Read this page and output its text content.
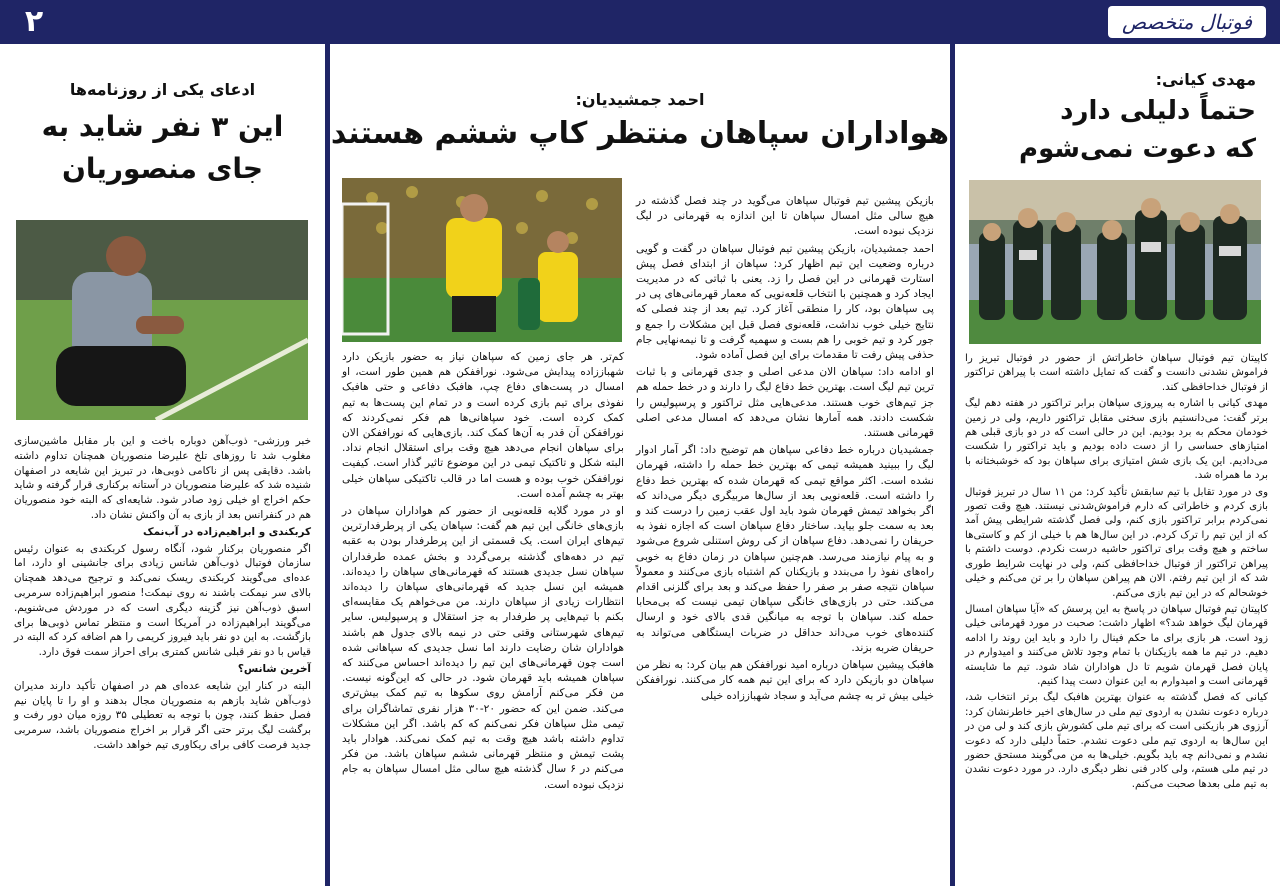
۲	فوتبال متخصص
مهدی کیانی:
حتماً دلیلی دارد
که دعوت نمی‌شوم

کاپیتان تیم فوتبال سپاهان خاطراتش از حضور در فوتبال تبریز را فراموش نشدنی دانست و گفت که تمایل داشته است با پیراهن تراکتور از فوتبال خداحافظی کند.

مهدی کیانی با اشاره به پیروزی سپاهان برابر تراکتور در هفته دهم لیگ برتر گفت: می‌دانستیم بازی سختی مقابل تراکتور داریم، ولی در زمین خودمان محکم به برد بودیم. این در حالی است که در دو بازی قبلی هم امتیازهای حساسی را از دست داده بودیم و باید تراکتور را شکست می‌دادیم. این یک بازی شش امتیازی برای سپاهان بود که خوشبختانه با برد ما همراه شد.

وی در مورد تقابل با تیم سابقش تأکید کرد: من ۱۱ سال در تبریز فوتبال بازی کردم و خاطراتی که دارم فراموش‌شدنی نیستند. هیچ وقت تصور نمی‌کردم برابر تراکتور بازی کنم، ولی فصل گذشته شرایطی پیش آمد که از این تیم را ترک کردم. در این سال‌ها هم با خیلی از کم و کاستی‌ها ساختم و هیچ وقت برای تراکتور حاشیه درست نکردم. دوست داشتم با پیراهن تراکتور از فوتبال خداحافظی کنم، ولی در نهایت شرایط طوری شد که از این تیم رفتم. الان هم پیراهن سپاهان را بر تن می‌کنم و خیلی خوشحالم که در این تیم بازی می‌کنم.

کاپیتان تیم فوتبال سپاهان در پاسخ به این پرسش که «آیا سپاهان امسال قهرمان لیگ خواهد شد؟» اظهار داشت: صحبت در مورد قهرمانی خیلی زود است. هر بازی برای ما حکم فینال را دارد و باید این روند را ادامه دهیم. در تیم ما همه بازیکنان با تمام وجود تلاش می‌کنند و امیدوارم در پایان فصل قهرمان شویم تا دل هواداران شاد شود. تیم ما شایسته قهرمانی است و امیدوارم به این عنوان دست پیدا کنیم.

کیانی که فصل گذشته به عنوان بهترین هافبک لیگ برتر انتخاب شد، درباره دعوت نشدن به اردوی تیم ملی در سال‌های اخیر خاطرنشان کرد: آرزوی هر بازیکنی است که برای تیم ملی کشورش بازی کند و لی من در این سال‌ها به اردوی تیم ملی دعوت نشدم. حتماً دلیلی دارد که دعوت نشدم و نمی‌دانم چه باید بگویم. خیلی‌ها به من می‌گویند مستحق حضور در تیم ملی هستم، ولی کادر فنی نظر دیگری دارد. در مورد دعوت نشدن به تیم ملی بعدها صحبت می‌کنم.

احمد جمشیدیان:
هواداران سپاهان منتظر کاپ ششم هستند

بازیکن پیشین تیم فوتبال سپاهان می‌گوید در چند فصل گذشته در هیچ سالی مثل امسال سپاهان تا این اندازه به قهرمانی در لیگ نزدیک نبوده است.

احمد جمشیدیان، بازیکن پیشین تیم فوتبال سپاهان در گفت و گویی درباره وضعیت این تیم اظهار کرد: سپاهان از ابتدای فصل پیش استارت قهرمانی در این فصل را زد. یعنی با ثباتی که در مدیریت ایجاد کرد و همچنین با انتخاب قلعه‌نویی که معمار قهرمانی‌های پی در پی سپاهان بود، کار را منطقی آغاز کرد. تیم بعد از چند فصلی که نتایج خیلی خوب نداشت، قلعه‌نوی فصل قبل این مشکلات را جمع و جور کرد و تیم خوبی را هم بست و سهمیه گرفت و تا نیمه‌نهایی جام حذفی پیش رفت تا مقدمات برای این فصل آماده شود.

او ادامه داد: سپاهان الان مدعی اصلی و جدی قهرمانی و با ثبات ترین تیم لیگ است. بهترین خط دفاع لیگ را دارند و در خط حمله هم جز تیم‌های خوب هستند. مدعی‌هایی مثل تراکتور و پرسپولیس را شکست دادند. همه آمارها نشان می‌دهد که امسال مدعی اصلی قهرمانی هستند.

جمشیدیان درباره خط دفاعی سپاهان هم توضیح داد: اگر آمار ادوار لیگ را ببینید همیشه تیمی که بهترین خط حمله را داشته، قهرمان نشده است. اکثر مواقع تیمی که قهرمان شده که بهترین خط دفاع را داشته است. قلعه‌نویی بعد از سال‌ها مربیگری دیگر می‌داند که اگر بخواهد تیمش قهرمان شود باید اول عقب زمین را درست کند و بعد به سمت جلو بیاید. ساختار دفاع سپاهان است که اجازه نفوذ به حریفان را نمی‌دهد. دفاع سپاهان از کی روش استنلی شروع می‌شود و به پیام نیازمند می‌رسد. هم‌چنین سپاهان در زمان دفاع به خوبی راه‌های نفوذ را می‌بندد و بازیکنان کم اشتباه بازی می‌کنند و معمولاً سپاهان نتیجه صفر بر صفر را حفظ می‌کند و بعد برای گلزنی اقدام می‌کند. حتی در بازی‌های خانگی سپاهان تیمی نیست که بی‌محابا حمله کند. سپاهان با توجه به میانگین قدی بالای خود و ارسال کننده‌های خوب می‌داند حداقل در ضربات ایستگاهی می‌تواند به حریفان ضربه بزند.

هافبک پیشین سپاهان درباره امید نوراففکن هم بیان کرد: به نظر من سپاهان دو بازیکن دارد که برای این تیم همه کار می‌کنند. نوراففکن خیلی بیش تر به چشم می‌آید و سجاد شهباززاده خیلی

کم‌تر. هر جای زمین که سپاهان نیاز به حضور بازیکن دارد شهباززاده پیدایش می‌شود. نوراففکن هم همین طور است، او امسال در پست‌های دفاع چپ، هافبک دفاعی و حتی هافبک نفوذی برای تیم بازی کرده است و در تمام این پست‌ها به تیم کمک کرده است. خود سپاهانی‌ها هم فکر نمی‌کردند که نوراففکن آن قدر به آن‌ها کمک کند. بازی‌هایی که نوراففکن الان برای سپاهان انجام می‌دهد هیچ وقت برای استقلال انجام نداد. البته شکل و تاکتیک تیمی در این موضوع تاثیر گذار است. کیفیت نوراففکن خوب بوده و هست اما در قالب تاکتیکی سپاهان خیلی بهتر به چشم آمده است.

او در مورد گلایه قلعه‌نویی از حضور کم هواداران سپاهان در بازی‌های خانگی این تیم هم گفت: سپاهان یکی از پرطرفدارترین تیم‌های ایران است. یک قسمتی از این پرطرفدار بودن به عقبه تیم در دهه‌های گذشته برمی‌گردد و بخش عمده طرفداران سپاهان نسل جدیدی هستند که قهرمانی‌های سپاهان را دیده‌اند. همیشه این نسل جدید که قهرمانی‌های سپاهان را دیده‌اند انتظارات زیادی از سپاهان دارند. من می‌خواهم یک مقایسه‌ای بکنم با تیم‌هایی پر طرفدار به جز استقلال و پرسپولیس. سایر تیم‌های شهرستانی وقتی حتی در نیمه بالای جدول هم باشند هواداران شان رضایت دارند اما نسل جدیدی که سپاهانی شده است چون قهرمانی‌های این تیم را دیده‌اند احساس می‌کنند که سپاهان همیشه باید قهرمان شود. در حالی که این‌گونه نیست. من فکر می‌کنم آرامش روی سکوها به تیم کمک بیش‌تری می‌کند. ضمن این که حضور ۲۰-۳۰ هزار نفری تماشاگران برای تیمی مثل سپاهان فکر نمی‌کنم که کم باشد. اگر این مشکلات تداوم داشته باشد هیچ وقت به تیم کمک نمی‌کند. هوادار باید پشت تیمش و منتظر قهرمانی ششم سپاهان باشد. من فکر می‌کنم در ۶ سال گذشته هیچ سالی مثل امسال سپاهان به جام نزدیک نبوده است.

ادعای یکی از روزنامه‌ها
این ۳ نفر شاید به
جای منصوریان

خبر ورزشی- ذوب‌آهن دوباره باخت و این بار مقابل ماشین‌سازی مغلوب شد تا روزهای تلخ علیرضا منصوریان همچنان تداوم داشته باشد. دقایقی پس از ناکامی ذوبی‌ها، در تبریز این شایعه در اصفهان شنیده شد که علیرضا منصوریان در آستانه برکناری قرار گرفته و شاید حکم اخراج او خیلی زود صادر شود. شایعه‌ای که البته خود منصوریان هم در کنفرانس بعد از بازی به آن واکنش نشان داد.

کربکندی و ابراهیم‌زاده در آب‌نمک

اگر منصوریان برکنار شود، آنگاه رسول کربکندی به عنوان رئیس سازمان فوتبال ذوب‌آهن شانس زیادی برای جانشینی او دارد، اما عده‌ای می‌گویند کربکندی ریسک نمی‌کند و ترجیح می‌دهد همچنان بالای سر نیمکت باشند نه روی نیمکت! منصور ابراهیم‌زاده سرمربی اسبق ذوب‌آهن نیز گزینه دیگری است که در موردش می‌شنویم. می‌گویند ابراهیم‌زاده در آمریکا است و منتظر تماس ذوبی‌ها برای بازگشت. به این دو نفر باید فیروز کریمی را هم اضافه کرد که البته در قیاس با دو نفر قبلی شانس کمتری برای احراز سمت فوق دارد.

آخرین شانس؟

البته در کنار این شایعه عده‌ای هم در اصفهان تأکید دارند مدیران ذوب‌آهن شاید بازهم به منصوریان مجال بدهند و او را تا پایان نیم فصل حفظ کنند، چون با توجه به تعطیلی ۳۵ روزه میان دور رفت و برگشت لیگ برتر حتی اگر قرار بر اخراج منصوریان باشد، سرمربی جدید فرصت کافی برای ریکاوری تیم خواهد داشت.
